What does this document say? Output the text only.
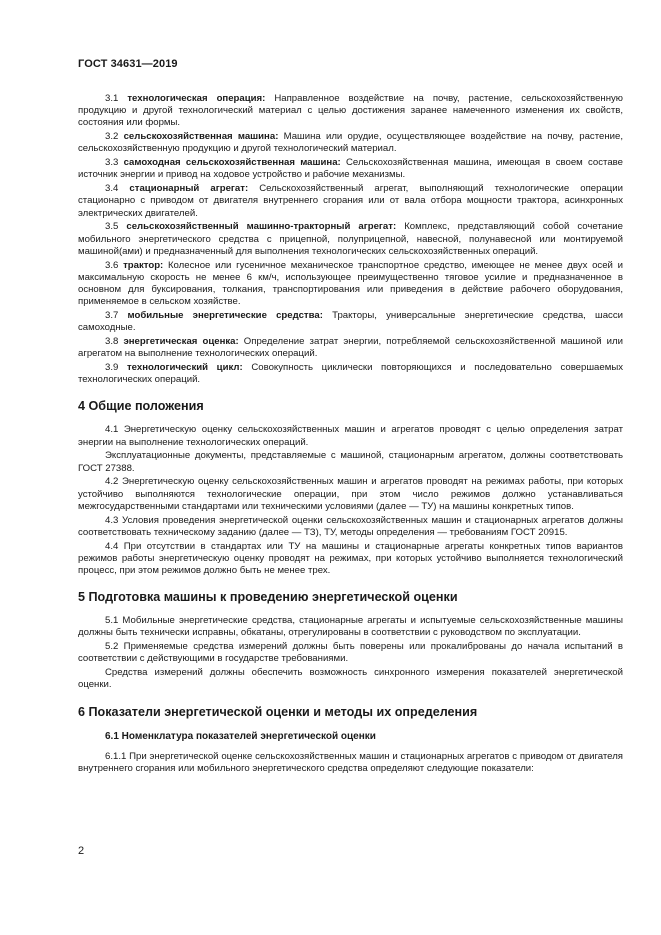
ГОСТ 34631—2019

3.1 технологическая операция: Направленное воздействие на почву, растение, сельскохозяйственную продукцию и другой технологический материал с целью достижения заранее намеченного изменения их свойств, состояния или формы.

3.2 сельскохозяйственная машина: Машина или орудие, осуществляющее воздействие на почву, растение, сельскохозяйственную продукцию и другой технологический материал.

3.3 самоходная сельскохозяйственная машина: Сельскохозяйственная машина, имеющая в своем составе источник энергии и привод на ходовое устройство и рабочие механизмы.

3.4 стационарный агрегат: Сельскохозяйственный агрегат, выполняющий технологические операции стационарно с приводом от двигателя внутреннего сгорания или от вала отбора мощности трактора, асинхронных электрических двигателей.

3.5 сельскохозяйственный машинно-тракторный агрегат: Комплекс, представляющий собой сочетание мобильного энергетического средства с прицепной, полуприцепной, навесной, полунавесной или монтируемой машиной(ами) и предназначенный для выполнения технологических сельскохозяйственных операций.

3.6 трактор: Колесное или гусеничное механическое транспортное средство, имеющее не менее двух осей и максимальную скорость не менее 6 км/ч, использующее преимущественно тяговое усилие и предназначенное в основном для буксирования, толкания, транспортирования или приведения в действие рабочего оборудования, применяемое в сельском хозяйстве.

3.7 мобильные энергетические средства: Тракторы, универсальные энергетические средства, шасси самоходные.

3.8 энергетическая оценка: Определение затрат энергии, потребляемой сельскохозяйственной машиной или агрегатом на выполнение технологических операций.

3.9 технологический цикл: Совокупность циклически повторяющихся и последовательно совершаемых технологических операций.

4 Общие положения

4.1 Энергетическую оценку сельскохозяйственных машин и агрегатов проводят с целью определения затрат энергии на выполнение технологических операций.

Эксплуатационные документы, представляемые с машиной, стационарным агрегатом, должны соответствовать ГОСТ 27388.

4.2 Энергетическую оценку сельскохозяйственных машин и агрегатов проводят на режимах работы, при которых устойчиво выполняются технологические операции, при этом число режимов должно устанавливаться межгосударственными стандартами или техническими условиями (далее — ТУ) на машины конкретных типов.

4.3 Условия проведения энергетической оценки сельскохозяйственных машин и стационарных агрегатов должны соответствовать техническому заданию (далее — ТЗ), ТУ, методы определения — требованиям ГОСТ 20915.

4.4 При отсутствии в стандартах или ТУ на машины и стационарные агрегаты конкретных типов вариантов режимов работы энергетическую оценку проводят на режимах, при которых устойчиво выполняется технологический процесс, при этом режимов должно быть не менее трех.

5 Подготовка машины к проведению энергетической оценки

5.1 Мобильные энергетические средства, стационарные агрегаты и испытуемые сельскохозяйственные машины должны быть технически исправны, обкатаны, отрегулированы в соответствии с руководством по эксплуатации.

5.2 Применяемые средства измерений должны быть поверены или прокалиброваны до начала испытаний в соответствии с действующими в государстве требованиями.

Средства измерений должны обеспечить возможность синхронного измерения показателей энергетической оценки.

6 Показатели энергетической оценки и методы их определения
6.1 Номенклатура показателей энергетической оценки

6.1.1 При энергетической оценке сельскохозяйственных машин и стационарных агрегатов с приводом от двигателя внутреннего сгорания или мобильного энергетического средства определяют следующие показатели:

2
